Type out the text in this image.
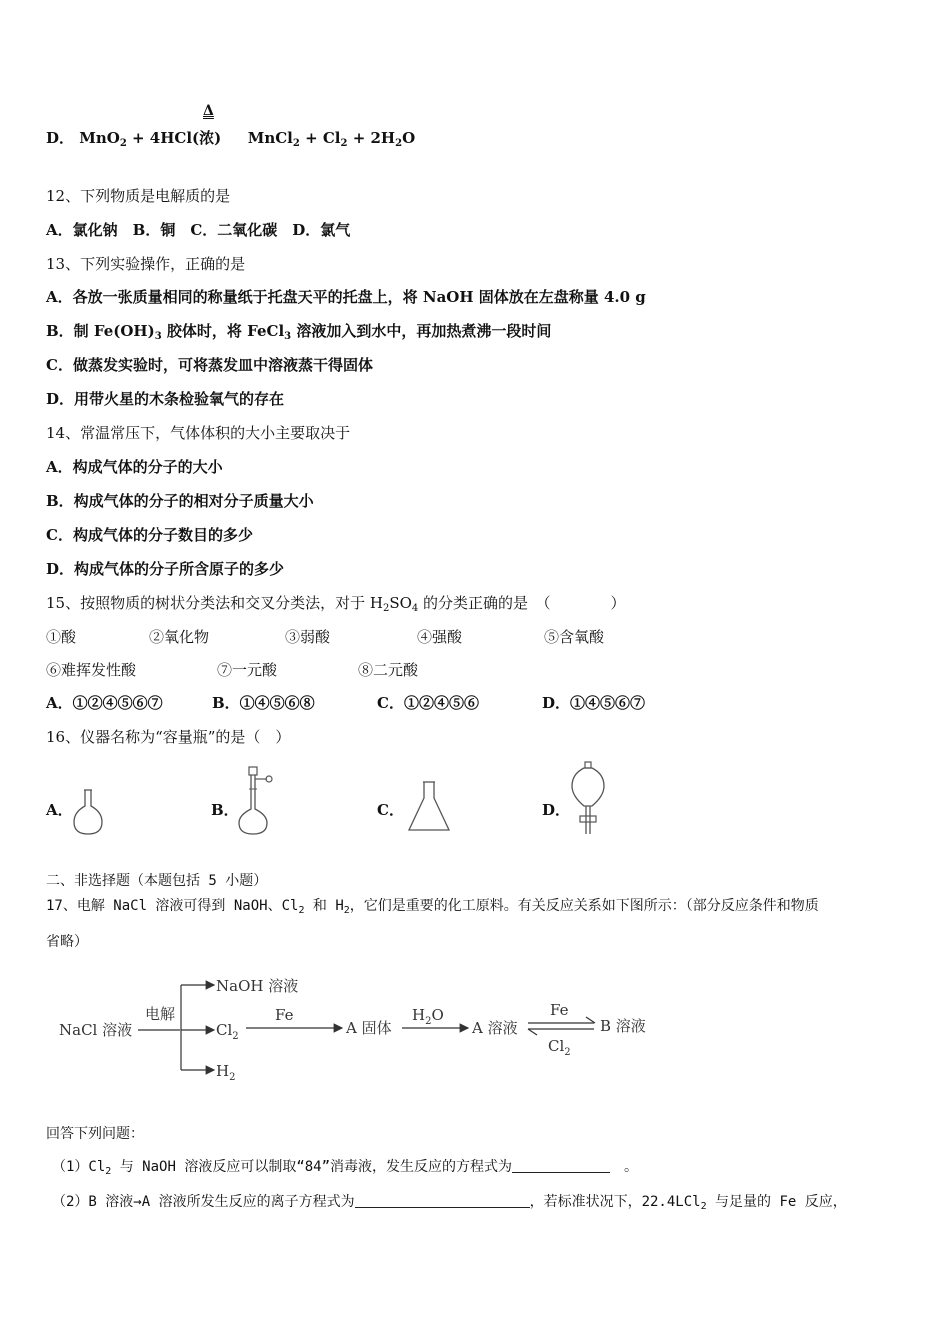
Δ
D． MnO$_2$ + 4HCl(浓) MnCl$_2$ + $Cl_2 + 2H_2O$
12、下列物质是电解质的是
A．氯化钠　B．铜　C．二氧化碳　D．氯气
13、下列实验操作，正确的是
A．各放一张质量相同的称量纸于托盘天平的托盘上，将 NaOH 固体放在左盘称量 4.0 g
B．制 $Fe(OH)_3$ 胶体时，将 FeCl$_3$ 溶液加入到水中，再加热煮沸一段时间
C．做蒸发实验时，可将蒸发皿中溶液蒸干得固体
D．用带火星的木条检验氧气的存在
14、常温常压下，气体体积的大小主要取决于
A．构成气体的分子的大小
B．构成气体的分子的相对分子质量大小
C．构成气体的分子数目的多少
D．构成气体的分子所含原子的多少
15、按照物质的树状分类法和交叉分类法，对于 $H_2SO_4$ 的分类正确的是　（　　　　）
①酸	②氧化物	③弱酸	④强酸	⑤含氧酸
⑥难挥发性酸	⑦一元酸	⑧二元酸
A．①②④⑤⑥⑦	B．①④⑤⑥⑧	C．①②④⑤⑥	D．①④⑤⑥⑦
16、仪器名称为“容量瓶”的是（　）
A．	B．	C．	D．
二、非选择题（本题包括 5 小题）
17、电解 NaCl 溶液可得到 NaOH、$Cl_2$ 和 $H_2$，它们是重要的化工原料。有关反应关系如下图所示：（部分反应条件和物质
省略）
NaCl 溶液
电解
NaOH 溶液
$Cl_2$
$H_2$
Fe
A 固体
$H_2O$
A 溶液
Fe
$Cl_2$
B 溶液
回答下列问题：
$(1)Cl_2$ 与 NaOH 溶液反应可以制取“84”消毒液，发生反应的方程式为　	。
（2）B 溶液→A 溶液所发生反应的离子方程式为	，若标准状况下，22.4LCl$_2$ 与足量的 Fe 反应，
